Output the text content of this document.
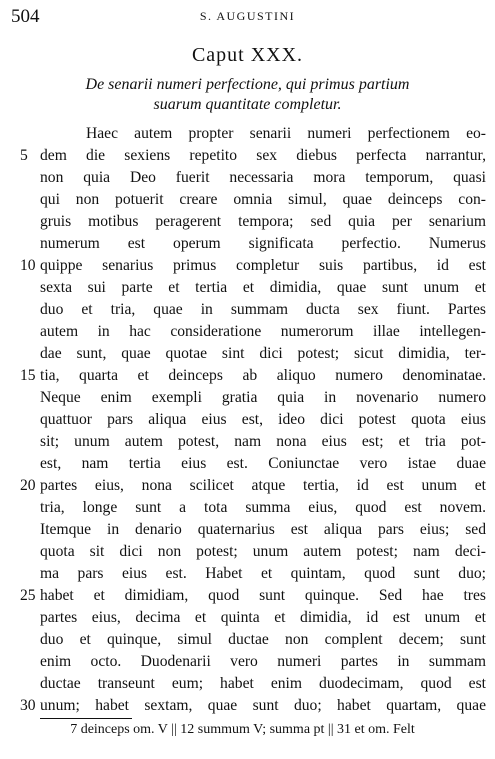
504	S. AUGUSTINI
Caput XXX.
De senarii numeri perfectione, qui primus partium
suarum quantitate completur.
Haec autem propter senarii numeri perfectionem eo-
dem die sexiens repetito sex diebus perfecta narrantur,
non quia Deo fuerit necessaria mora temporum, quasi
qui non potuerit creare omnia simul, quae deinceps con-
gruis motibus peragerent tempora; sed quia per senarium
numerum est operum significata perfectio. Numerus
quippe senarius primus completur suis partibus, id est
sexta sui parte et tertia et dimidia, quae sunt unum et
duo et tria, quae in summam ducta sex fiunt. Partes
autem in hac consideratione numerorum illae intellegen-
dae sunt, quae quotae sint dici potest; sicut dimidia, ter-
tia, quarta et deinceps ab aliquo numero denominatae.
Neque enim exempli gratia quia in novenario numero
quattuor pars aliqua eius est, ideo dici potest quota eius
sit; unum autem potest, nam nona eius est; et tria pot-
est, nam tertia eius est. Coniunctae vero istae duae
partes eius, nona scilicet atque tertia, id est unum et
tria, longe sunt a tota summa eius, quod est novem.
Itemque in denario quaternarius est aliqua pars eius; sed
quota sit dici non potest; unum autem potest; nam deci-
ma pars eius est. Habet et quintam, quod sunt duo;
habet et dimidiam, quod sunt quinque. Sed hae tres
partes eius, decima et quinta et dimidia, id est unum et
duo et quinque, simul ductae non complent decem; sunt
enim octo. Duodenarii vero numeri partes in summam
ductae transeunt eum; habet enim duodecimam, quod est
unum; habet sextam, quae sunt duo; habet quartam, quae
5
10
15
20
25
30
7 deinceps om. V || 12 summum V; summa pt || 31 et om. Felt
